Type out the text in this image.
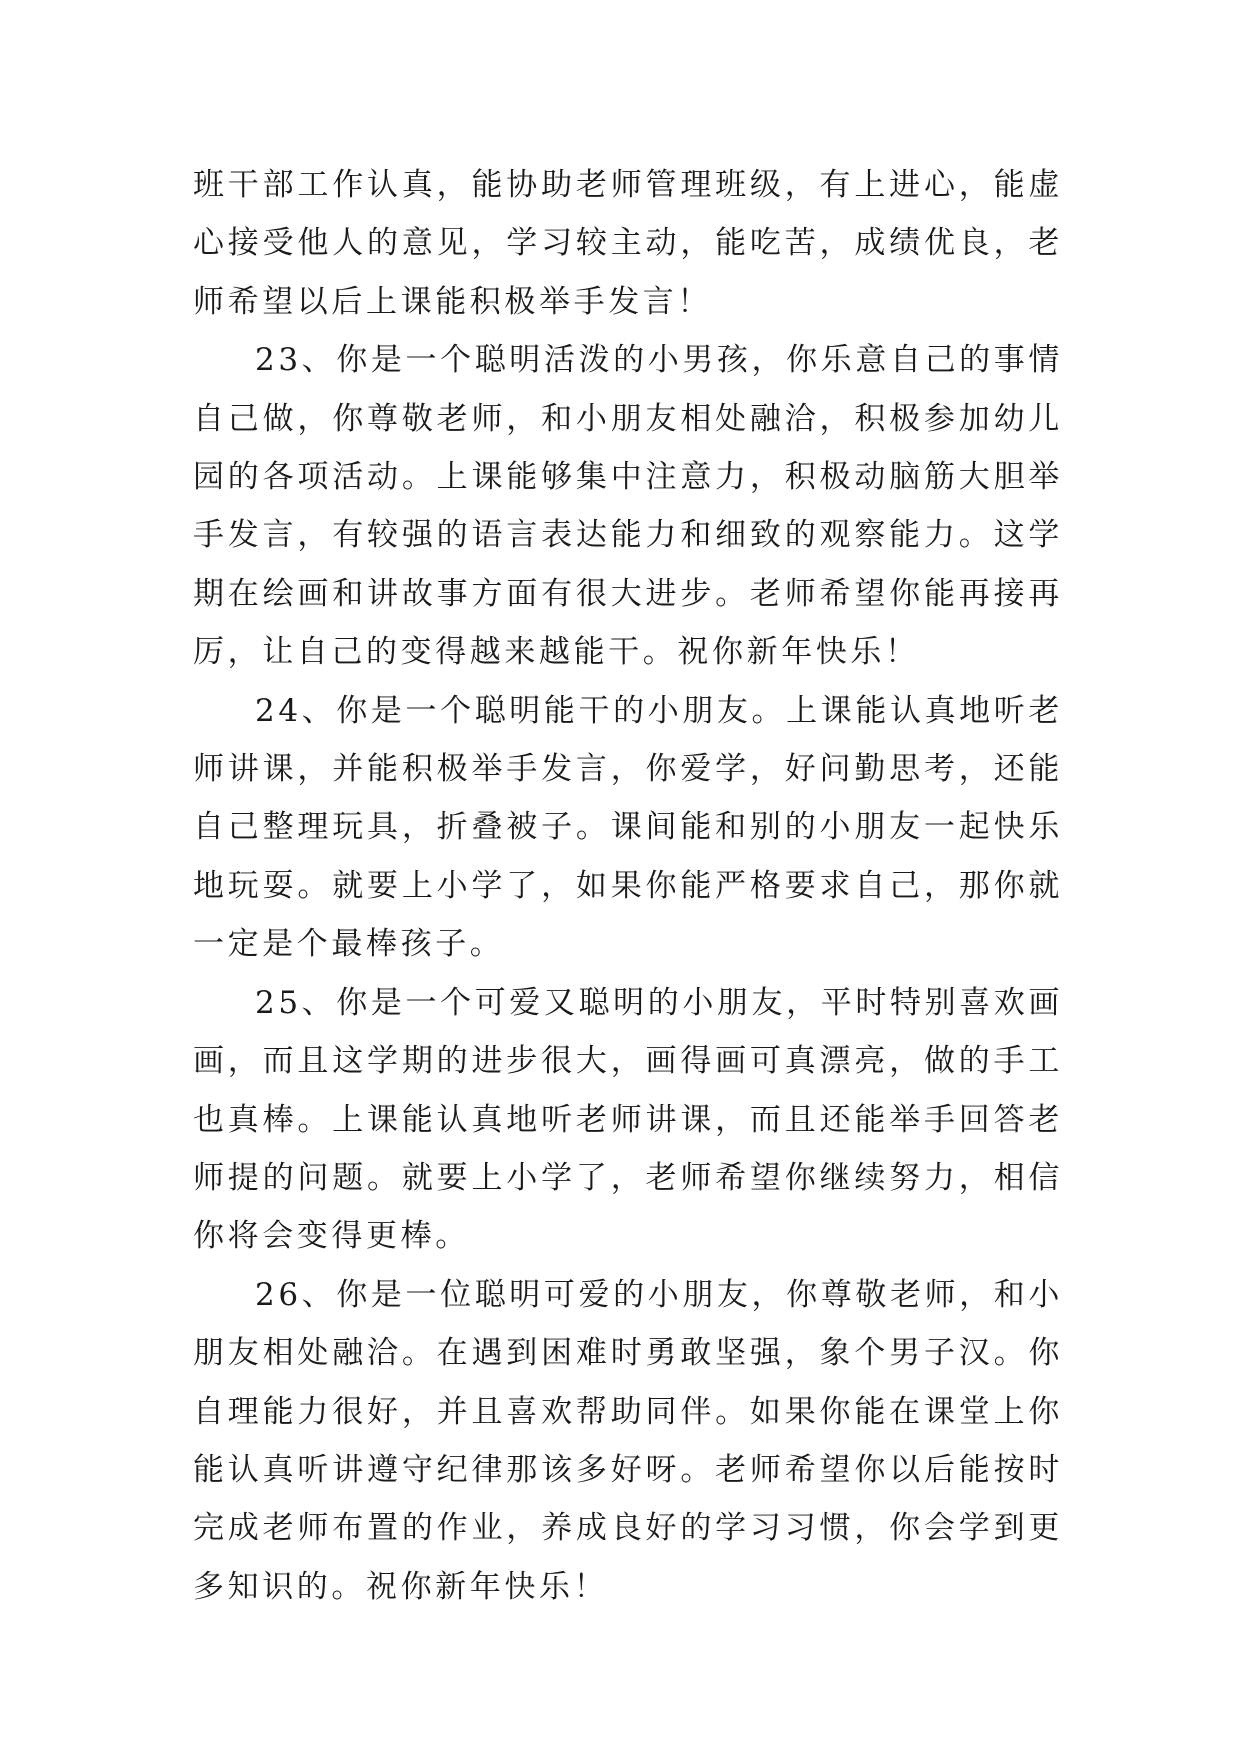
班干部工作认真，能协助老师管理班级，有上进心，能虚心接受他人的意见，学习较主动，能吃苦，成绩优良，老师希望以后上课能积极举手发言！

23、你是一个聪明活泼的小男孩，你乐意自己的事情自己做，你尊敬老师，和小朋友相处融洽，积极参加幼儿园的各项活动。上课能够集中注意力，积极动脑筋大胆举手发言，有较强的语言表达能力和细致的观察能力。这学期在绘画和讲故事方面有很大进步。老师希望你能再接再厉，让自己的变得越来越能干。祝你新年快乐！

24、你是一个聪明能干的小朋友。上课能认真地听老师讲课，并能积极举手发言，你爱学，好问勤思考，还能自己整理玩具，折叠被子。课间能和别的小朋友一起快乐地玩耍。就要上小学了，如果你能严格要求自己，那你就一定是个最棒孩子。

25、你是一个可爱又聪明的小朋友，平时特别喜欢画画，而且这学期的进步很大，画得画可真漂亮，做的手工也真棒。上课能认真地听老师讲课，而且还能举手回答老师提的问题。就要上小学了，老师希望你继续努力，相信你将会变得更棒。

26、你是一位聪明可爱的小朋友，你尊敬老师，和小朋友相处融洽。在遇到困难时勇敢坚强，象个男子汉。你自理能力很好，并且喜欢帮助同伴。如果你能在课堂上你能认真听讲遵守纪律那该多好呀。老师希望你以后能按时完成老师布置的作业，养成良好的学习习惯，你会学到更多知识的。祝你新年快乐！
